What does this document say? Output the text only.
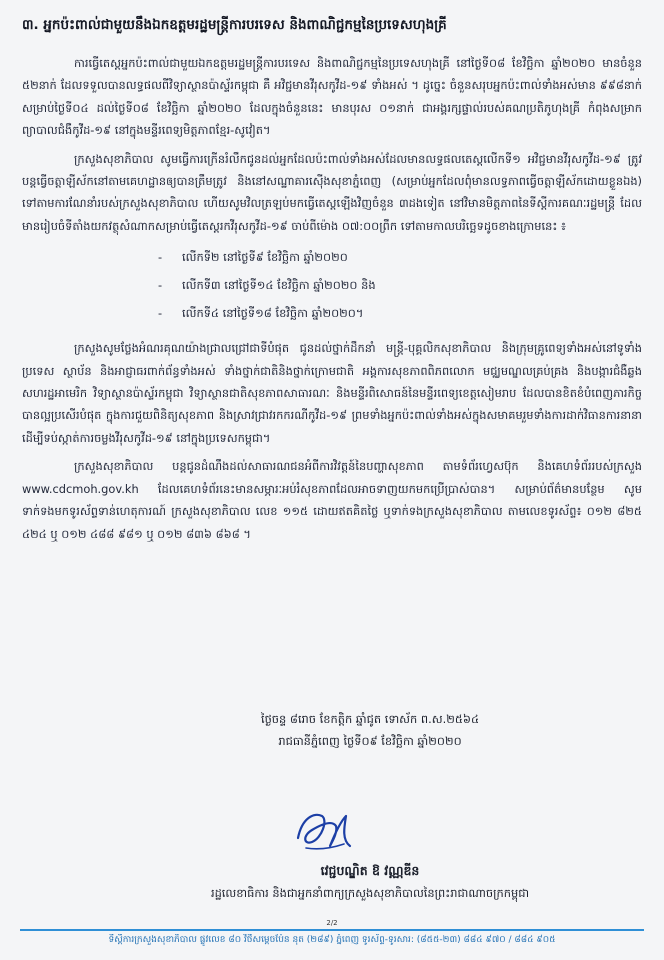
៣. អ្នកប៉ះពាល់ជាមួយនឹងឯកឧត្តមរដ្ឋមន្ត្រីការបរទេស និងពាណិជ្ជកម្មនៃប្រទេសហុងគ្រី

ការធ្វើតេស្តអ្នកប៉ះពាល់ជាមួយឯកឧត្តមរដ្ឋមន្ត្រីការបរទេស និងពាណិជ្ជកម្មនៃប្រទេសហុងគ្រី នៅថ្ងៃទី០៨ ខែវិច្ឆិកា ឆ្នាំ២០២០ មានចំនួន ៥២នាក់ ដែលទទួលបានលទ្ធផលពីវិទ្យាស្ថានប៉ាស្ទ័រកម្ពុជា គឺ អវិជ្ជមានវីរុសកូវីដ-១៩ ទាំងអស់ ។ ដូច្នេះ ចំនួនសរុបអ្នកប៉ះពាល់ទាំងអស់មាន ៩៩៨នាក់ សម្រាប់ថ្ងៃទី០៤ ដល់ថ្ងៃទី០៨ ខែវិច្ឆិកា ឆ្នាំ២០២០ ដែលក្នុងចំនួននេះ មានបុរស ០១នាក់ ជាអង្គរក្សផ្ទាល់របស់គណប្រតិភូហុងគ្រី កំពុងសម្រាកព្យាបាលជំងឺកូវីដ-១៩ នៅក្នុងមន្ទីរពេទ្យមិត្តភាពខ្មែរ-សូវៀត។

ក្រសួងសុខាភិបាល សូមធ្វើការក្រើនរំលឹកជូនដល់អ្នកដែលប៉ះពាល់ទាំងអស់ដែលមានលទ្ធផលតេស្តលើកទី១ អវិជ្ជមានវីរុសកូវីដ-១៩ ត្រូវបន្តធ្វើចត្តាឡីស័កនៅតាមគេហដ្ឋានឲ្យបានត្រឹមត្រូវ និងនៅសណ្ឋាគារស៊ើងសុខាភ្នំពេញ (សម្រាប់អ្នកដែលពុំមានលទ្ធភាពធ្វើចត្តាឡីស័កដោយខ្លួនឯង) ទៅតាមការណែនាំរបស់ក្រសួងសុខាភិបាល ហើយសូមវិលត្រឡប់មកធ្វើតេស្តឡើងវិញចំនួន ៣ដងទៀត នៅវិមានមិត្តភាពនៃទីស្តីការគណៈរដ្ឋមន្ត្រី ដែលមានរៀបចំទីតាំងយកវត្ថុសំណាកសម្រាប់ធ្វើតេស្តរកវីរុសកូវីដ-១៩ ចាប់ពីម៉ោង ០៧:០០ព្រឹក ទៅតាមកាលបរិច្ឆេទដូចខាងក្រោមនេះ ៖

- លើកទី២ នៅថ្ងៃទី៩ ខែវិច្ឆិកា ឆ្នាំ២០២០
- លើកទី៣ នៅថ្ងៃទី១៤ ខែវិច្ឆិកា ឆ្នាំ២០២០ និង
- លើកទី៤ នៅថ្ងៃទី១៨ ខែវិច្ឆិកា ឆ្នាំ២០២០។

ក្រសួងសូមថ្លែងអំណរគុណយ៉ាងជ្រាលជ្រៅជាទីបំផុត ជូនដល់ថ្នាក់ដឹកនាំ មន្ត្រី-បុគ្គលិកសុខាភិបាល និងក្រុមគ្រូពេទ្យទាំងអស់នៅទូទាំងប្រទេស ស្ថាប័ន និងអាជ្ញាធរពាក់ព័ន្ធទាំងអស់ ទាំងថ្នាក់ជាតិនិងថ្នាក់ក្រោមជាតិ អង្គការសុខភាពពិភពលោក មជ្ឈមណ្ឌលគ្រប់គ្រង និងបង្ការជំងឺឆ្លងសហរដ្ឋអាមេរិក វិទ្យាស្ថានប៉ាស្ទ័រកម្ពុជា វិទ្យាស្ថានជាតិសុខភាពសាធារណៈ និងមន្ទីរពិសោធន៍នៃមន្ទីរពេទ្យខេត្តសៀមរាប ដែលបានខិតខំបំពេញភារកិច្ចបានល្អប្រសើរបំផុត ក្នុងការជួយពិនិត្យសុខភាព និងស្រាវជ្រាវរកករណីកូវីដ-១៩ ព្រមទាំងអ្នកប៉ះពាល់ទាំងអស់ក្នុងសមាគមរួមទាំងការដាក់វិធានការនានា ដើម្បីទប់ស្កាត់ការចម្លងវីរុសកូវីដ-១៩ នៅក្នុងប្រទេសកម្ពុជា។

ក្រសួងសុខាភិបាល បន្តជូនដំណឹងដល់សាធារណជនអំពីការវិវត្តន៍នៃបញ្ហាសុខភាព តាមទំព័រហ្វេសប៊ុក និងគេហទំព័ររបស់ក្រសួង www.cdcmoh.gov.kh ដែលគេហទំព័រនេះមានសម្ភារៈអប់រំសុខភាពដែលអាចទាញយកមកប្រើប្រាស់បាន។ សម្រាប់ព័ត៌មានបន្ថែម សូមទាក់ទងមកទូរស័ព្ទទាន់ហេតុការណ៍ ក្រសួងសុខាភិបាល លេខ ១១៥ ដោយឥតគិតថ្លៃ ឬទាក់ទងក្រសួងសុខាភិបាល តាមលេខទូរស័ព្ទ៖ ០១២ ៨២៥ ៤២៤ ឬ ០១២ ៤៨៨ ៩៨១ ឬ ០១២ ៨៣៦ ៨៦៨ ។

ថ្ងៃចន្ទ ៨រោច ខែកត្តិក ឆ្នាំជូត ទោស័ក ព.ស.២៥៦៤
រាជធានីភ្នំពេញ ថ្ងៃទី០៩ ខែវិច្ឆិកា ឆ្នាំ២០២០
វេជ្ជបណ្ឌិត ឱ វណ្ណឌីន
រដ្ឋលេខាធិការ និងជាអ្នកនាំពាក្យក្រសួងសុខាភិបាលនៃព្រះរាជាណាចក្រកម្ពុជា
2/2
ទីស្តីការក្រសួងសុខាភិបាល ផ្លូវលេខ ៨០ វិថីសម្តេចប៉ែន នុត (២៨៩) ភ្នំពេញ ទូរស័ព្ទ-ទូរសារ: (៨៥៥-២៣) ៨៨៤ ៩៧០ / ៨៨៤ ៩០៥
